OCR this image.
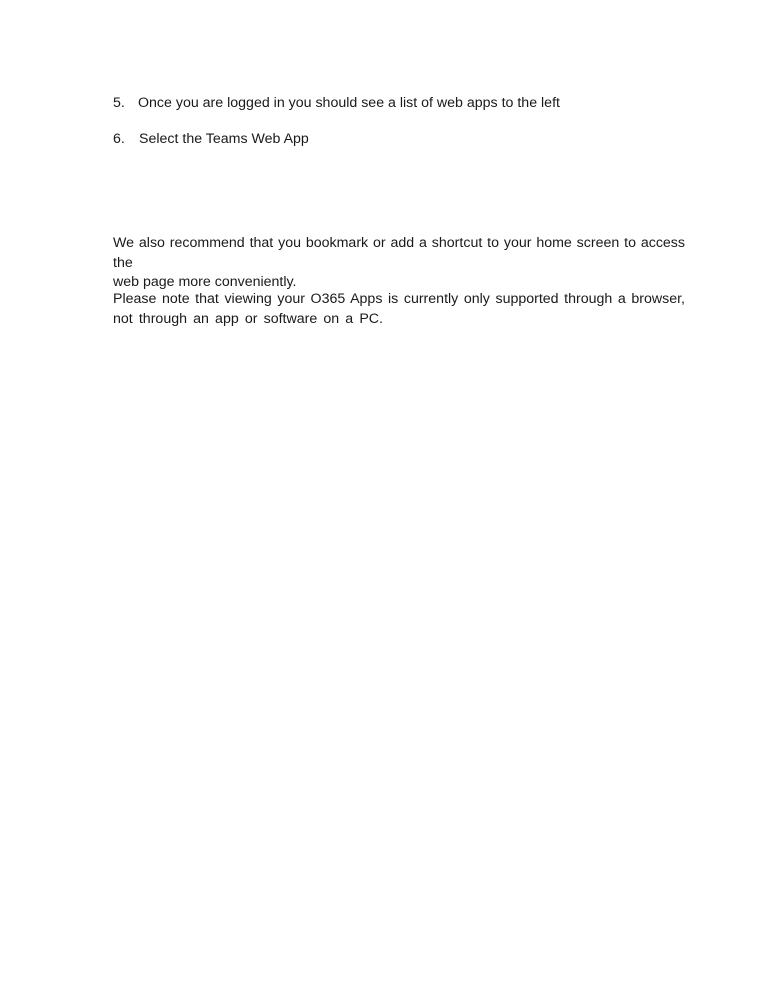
5. Once you are logged in you should see a list of web apps to the left
6. Select the Teams Web App
We also recommend that you bookmark or add a shortcut to your home screen to access the
web page more conveniently.
Please note that viewing your O365 Apps is currently only supported through a browser,
not through an app or software on a PC.
